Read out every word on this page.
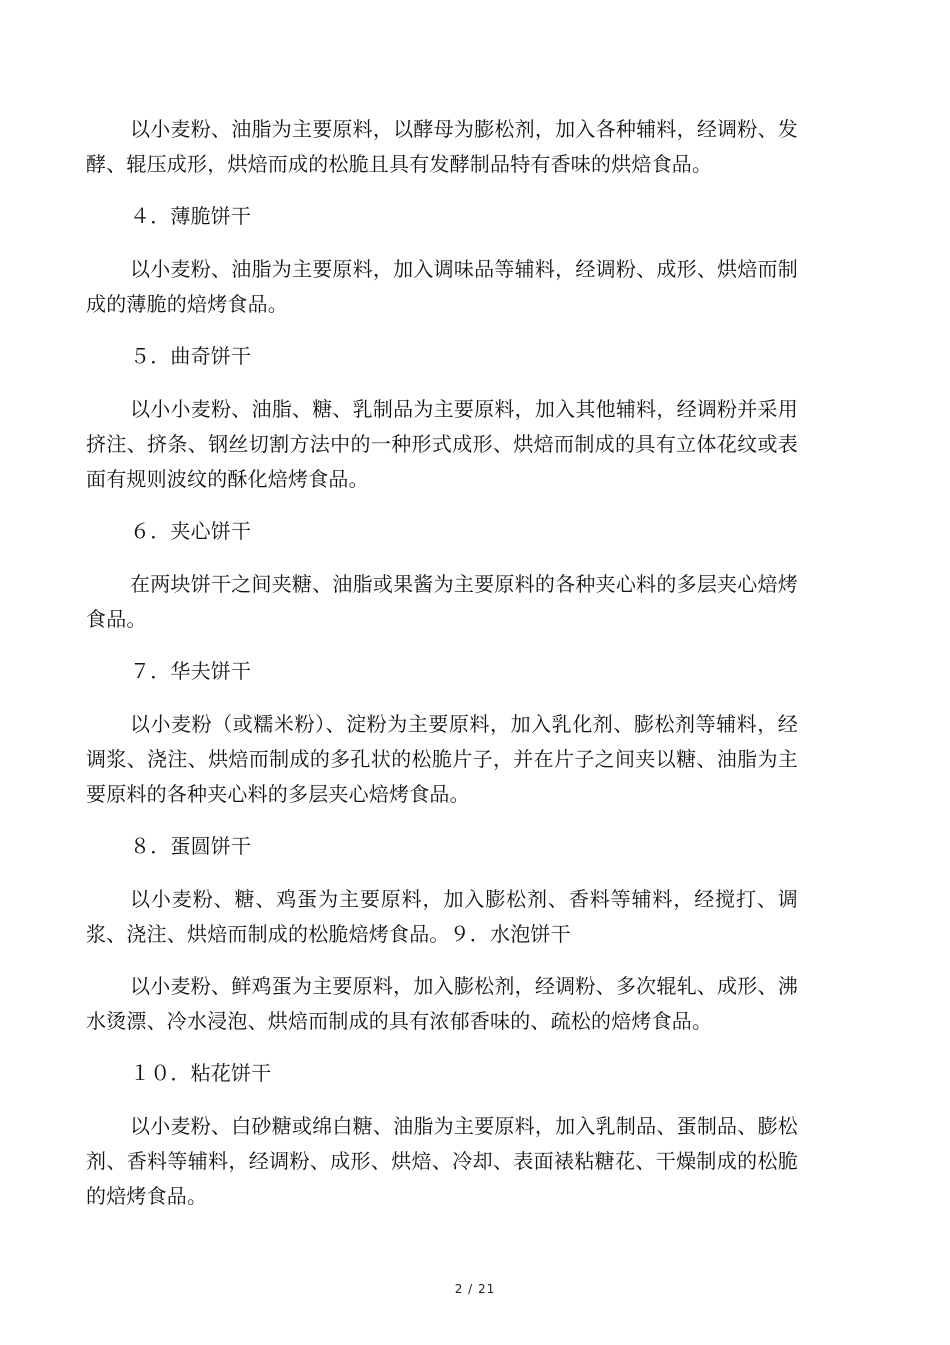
以小麦粉、油脂为主要原料，以酵母为膨松剂，加入各种辅料，经调粉、发酵、辊压成形，烘焙而成的松脆且具有发酵制品特有香味的烘焙食品。

４．薄脆饼干

以小麦粉、油脂为主要原料，加入调味品等辅料，经调粉、成形、烘焙而制成的薄脆的焙烤食品。

５．曲奇饼干

以小小麦粉、油脂、糖、乳制品为主要原料，加入其他辅料，经调粉并采用挤注、挤条、钢丝切割方法中的一种形式成形、烘焙而制成的具有立体花纹或表面有规则波纹的酥化焙烤食品。

６．夹心饼干

在两块饼干之间夹糖、油脂或果酱为主要原料的各种夹心料的多层夹心焙烤食品。

７．华夫饼干

以小麦粉（或糯米粉）、淀粉为主要原料，加入乳化剂、膨松剂等辅料，经调浆、浇注、烘焙而制成的多孔状的松脆片子，并在片子之间夹以糖、油脂为主要原料的各种夹心料的多层夹心焙烤食品。

８．蛋圆饼干

以小麦粉、糖、鸡蛋为主要原料，加入膨松剂、香料等辅料，经搅打、调浆、浇注、烘焙而制成的松脆焙烤食品。９．水泡饼干

以小麦粉、鲜鸡蛋为主要原料，加入膨松剂，经调粉、多次辊轧、成形、沸水烫漂、冷水浸泡、烘焙而制成的具有浓郁香味的、疏松的焙烤食品。

１０．粘花饼干

以小麦粉、白砂糖或绵白糖、油脂为主要原料，加入乳制品、蛋制品、膨松剂、香料等辅料，经调粉、成形、烘焙、冷却、表面裱粘糖花、干燥制成的松脆的焙烤食品。

2 / 21
